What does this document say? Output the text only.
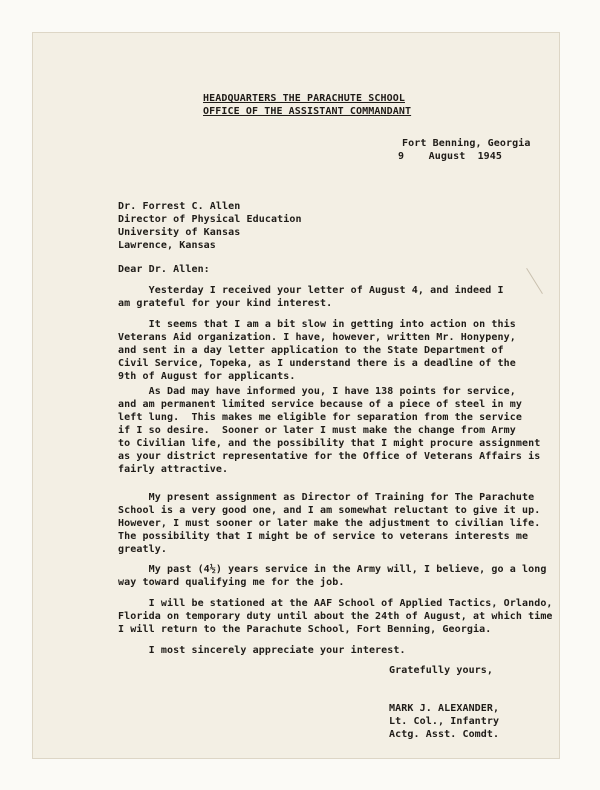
HEADQUARTERS THE PARACHUTE SCHOOL
OFFICE OF THE ASSISTANT COMMANDANT
Fort Benning, Georgia
9    August  1945
Dr. Forrest C. Allen
Director of Physical Education
University of Kansas
Lawrence, Kansas
Dear Dr. Allen:
Yesterday I received your letter of August 4, and indeed I
am grateful for your kind interest.
It seems that I am a bit slow in getting into action on this
Veterans Aid organization. I have, however, written Mr. Honypeny,
and sent in a day letter application to the State Department of
Civil Service, Topeka, as I understand there is a deadline of the
9th of August for applicants.
As Dad may have informed you, I have 138 points for service,
and am permanent limited service because of a piece of steel in my
left lung.  This makes me eligible for separation from the service
if I so desire.  Sooner or later I must make the change from Army
to Civilian life, and the possibility that I might procure assignment
as your district representative for the Office of Veterans Affairs is
fairly attractive.
My present assignment as Director of Training for The Parachute
School is a very good one, and I am somewhat reluctant to give it up.
However, I must sooner or later make the adjustment to civilian life.
The possibility that I might be of service to veterans interests me
greatly.
My past (4½) years service in the Army will, I believe, go a long
way toward qualifying me for the job.
I will be stationed at the AAF School of Applied Tactics, Orlando,
Florida on temporary duty until about the 24th of August, at which time
I will return to the Parachute School, Fort Benning, Georgia.
I most sincerely appreciate your interest.
Gratefully yours,
MARK J. ALEXANDER,
Lt. Col., Infantry
Actg. Asst. Comdt.
